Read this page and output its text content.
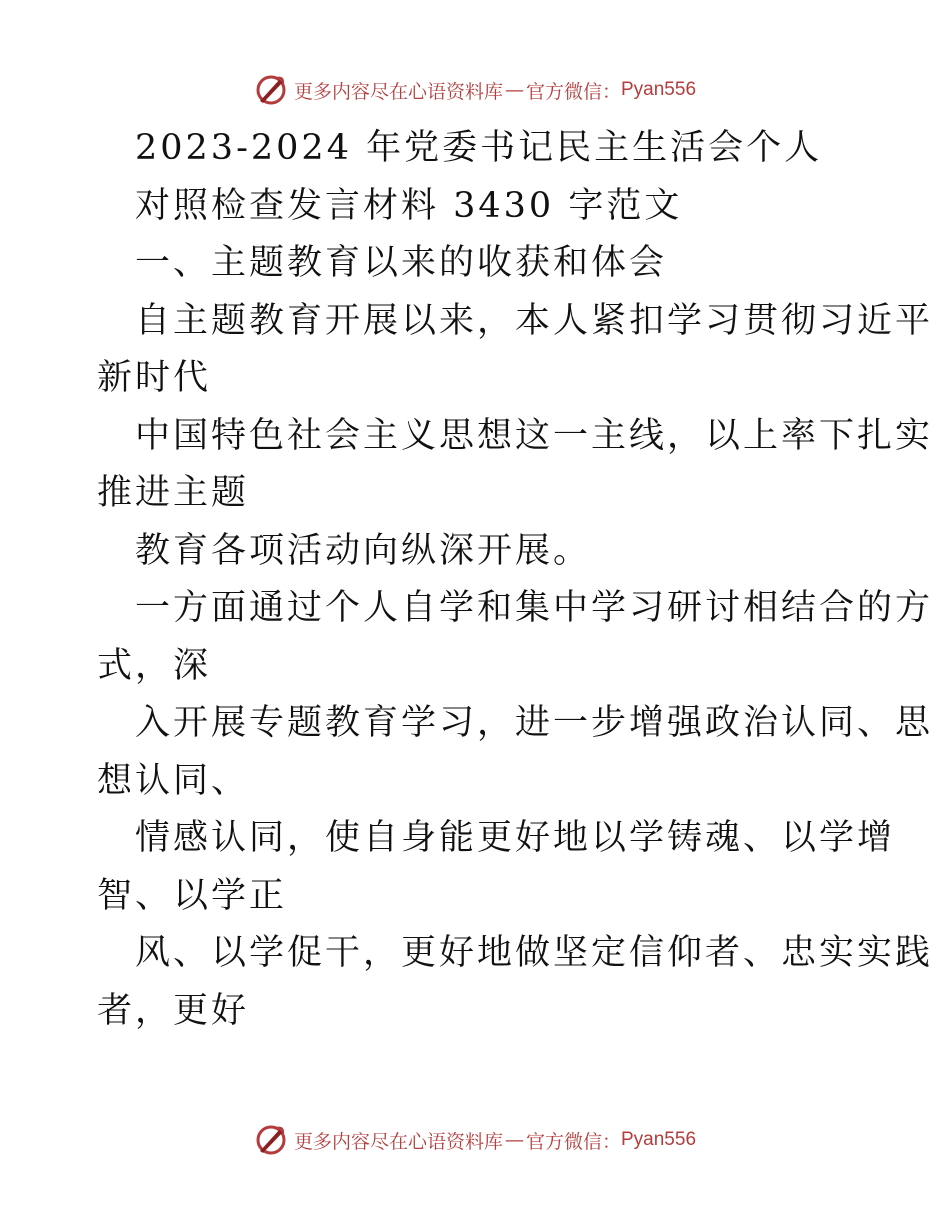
更多内容尽在心语资料库 — 官方微信： Pyan556
2023-2024 年党委书记民主生活会个人
对照检查发言材料 3430 字范文
一、主题教育以来的收获和体会
自主题教育开展以来，本人紧扣学习贯彻习近平
新时代
中国特色社会主义思想这一主线，以上率下扎实
推进主题
教育各项活动向纵深开展。
一方面通过个人自学和集中学习研讨相结合的方
式，深
入开展专题教育学习，进一步增强政治认同、思
想认同、
情感认同，使自身能更好地以学铸魂、以学增
智、以学正
风、以学促干，更好地做坚定信仰者、忠实实践
者，更好
更多内容尽在心语资料库 — 官方微信： Pyan556
